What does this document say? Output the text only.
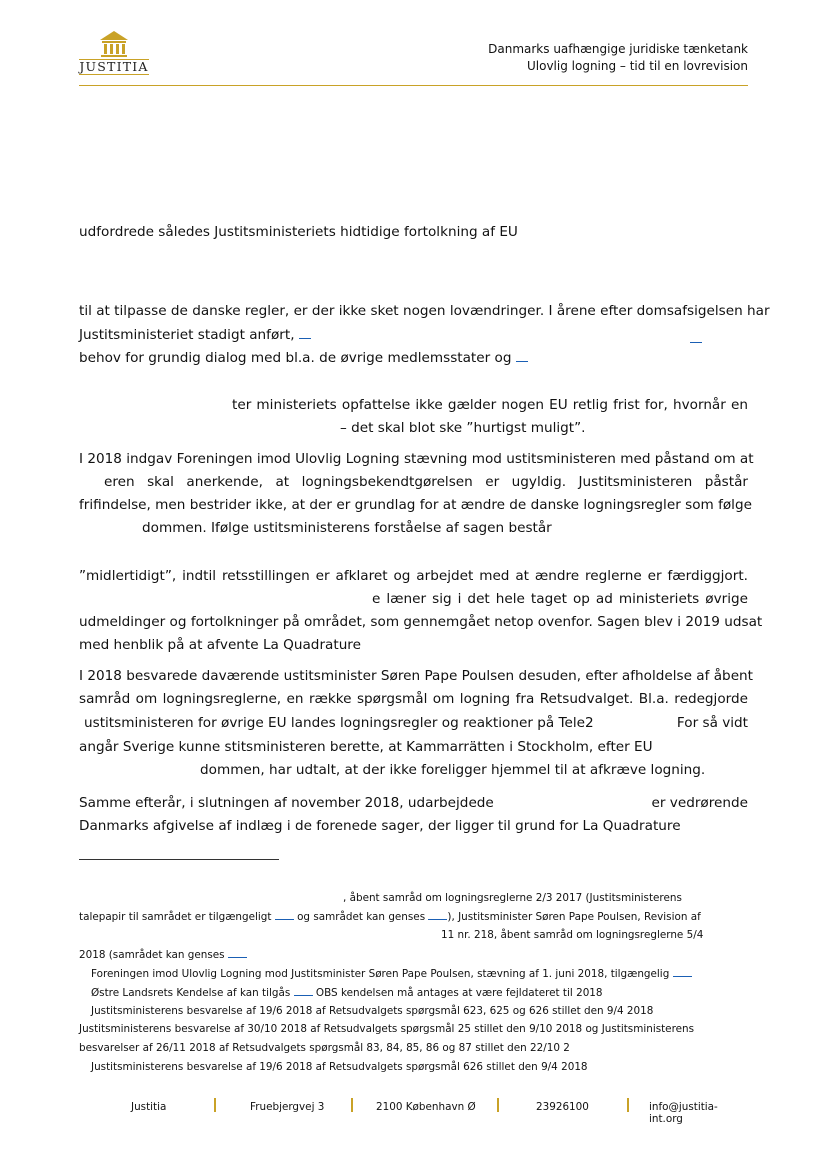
JUSTITIA
Danmarks uafhængige juridiske tænketank
Ulovlig logning – tid til en lovrevision
udfordrede således Justitsministeriets hidtidige fortolkning af EU
til at tilpasse de danske regler, er der ikke sket nogen lovændringer. I årene efter domsafsigelsen har
Justitsministeriet stadigt anført,
behov for grundig dialog med bl.a. de øvrige medlemsstater og
ter ministeriets opfattelse ikke gælder nogen EU retlig frist for, hvornår en
– det skal blot ske ”hurtigst muligt”.
I 2018 indgav Foreningen imod Ulovlig Logning stævning mod ustitsministeren med påstand om at
eren skal anerkende, at logningsbekendtgørelsen er ugyldig. Justitsministeren påstår
frifindelse, men bestrider ikke, at der er grundlag for at ændre de danske logningsregler som følge
dommen. Ifølge ustitsministerens forståelse af sagen består
”midlertidigt”, indtil retsstillingen er afklaret og arbejdet med at ændre reglerne er færdiggjort.
e læner sig i det hele taget op ad ministeriets øvrige
udmeldinger og fortolkninger på området, som gennemgået netop ovenfor. Sagen blev i 2019 udsat
med henblik på at afvente La Quadrature
I 2018 besvarede daværende ustitsminister Søren Pape Poulsen desuden, efter afholdelse af åbent
samråd om logningsreglerne, en række spørgsmål om logning fra Retsudvalget. Bl.a. redegjorde
ustitsministeren for øvrige EU landes logningsregler og reaktioner på Tele2	For så vidt
angår Sverige kunne stitsministeren berette, at Kammarrätten i Stockholm, efter EU
dommen, har udtalt, at der ikke foreligger hjemmel til at afkræve logning.
Samme efterår, i slutningen af november 2018, udarbejdede	er vedrørende
Danmarks afgivelse af indlæg i de forenede sager, der ligger til grund for La Quadrature
, åbent samråd om logningsreglerne 2/3 2017 (Justitsministerens
talepapir til samrådet er tilgængeligt og samrådet kan genses ), Justitsminister Søren Pape Poulsen, Revision af
11 nr. 218, åbent samråd om logningsreglerne 5/4
2018 (samrådet kan genses
Foreningen imod Ulovlig Logning mod Justitsminister Søren Pape Poulsen, stævning af 1. juni 2018, tilgængelig
Østre Landsrets Kendelse af kan tilgås OBS kendelsen må antages at være fejldateret til 2018
Justitsministerens besvarelse af 19/6 2018 af Retsudvalgets spørgsmål 623, 625 og 626 stillet den 9/4 2018
Justitsministerens besvarelse af 30/10 2018 af Retsudvalgets spørgsmål 25 stillet den 9/10 2018 og Justitsministerens
besvarelser af 26/11 2018 af Retsudvalgets spørgsmål 83, 84, 85, 86 og 87 stillet den 22/10 2
Justitsministerens besvarelse af 19/6 2018 af Retsudvalgets spørgsmål 626 stillet den 9/4 2018
Justitia	Fruebjergvej 3	2100 København Ø	23926100	info@justitia-int.org
